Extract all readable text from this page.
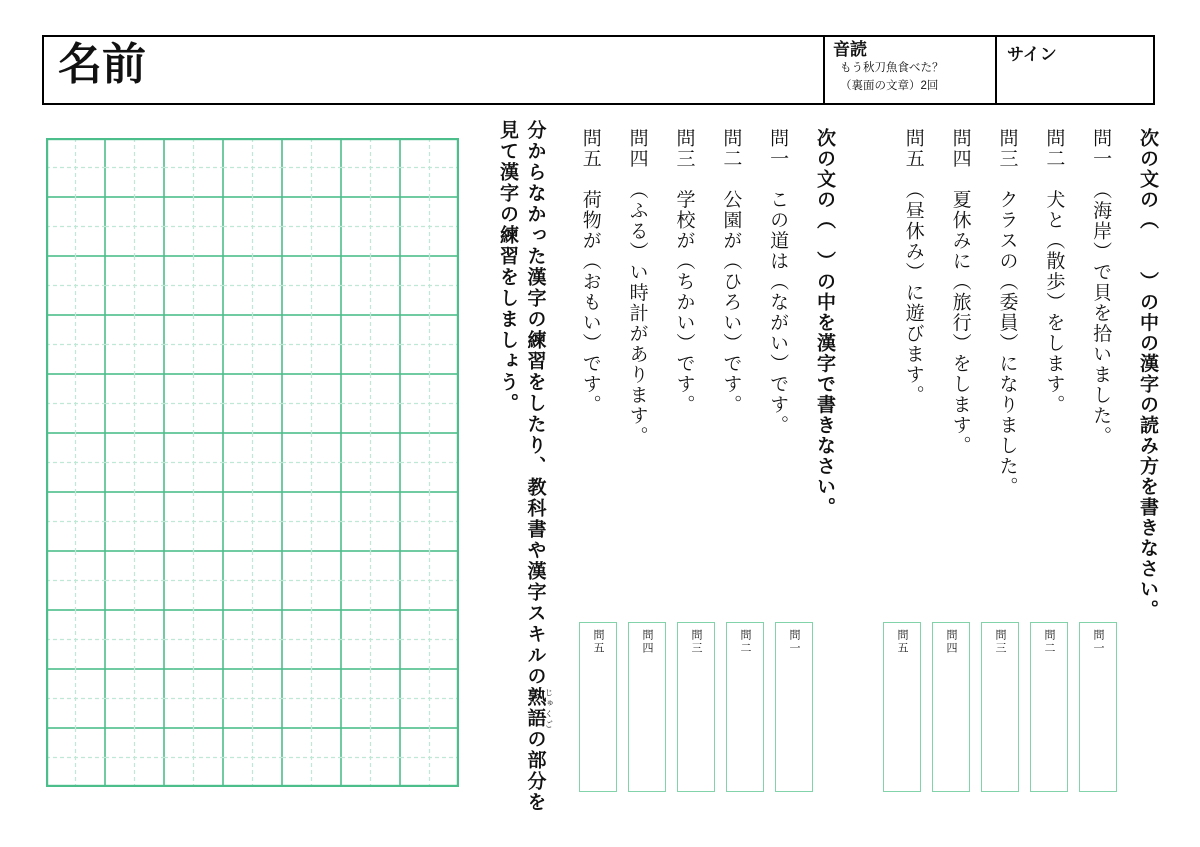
名前	音読
もう秋刀魚食べた？
（裏面の文章）2回
サイン
次の文の（　　）の中の漢字の読み方を書きなさい。
問一　（海岸）で貝を拾いました。
問二　犬と（散歩）をします。
問三　クラスの（委員）になりました。
問四　夏休みに（旅行）をします。
問五　（昼休み）に遊びます。
次の文の（　）の中を漢字で書きなさい。
問一　この道は（ながい）です。
問二　公園が（ひろい）です。
問三　学校が（ちかい）です。
問四　（ふる）い時計があります。
問五　荷物が（おもい）です。
分からなかった漢字の練習をしたり、教科書や漢字スキルの熟語 じゅくごの部分を
見て漢字の練習をしましょう。
問一
問二
問三
問四
問五
問一
問二
問三
問四
問五
